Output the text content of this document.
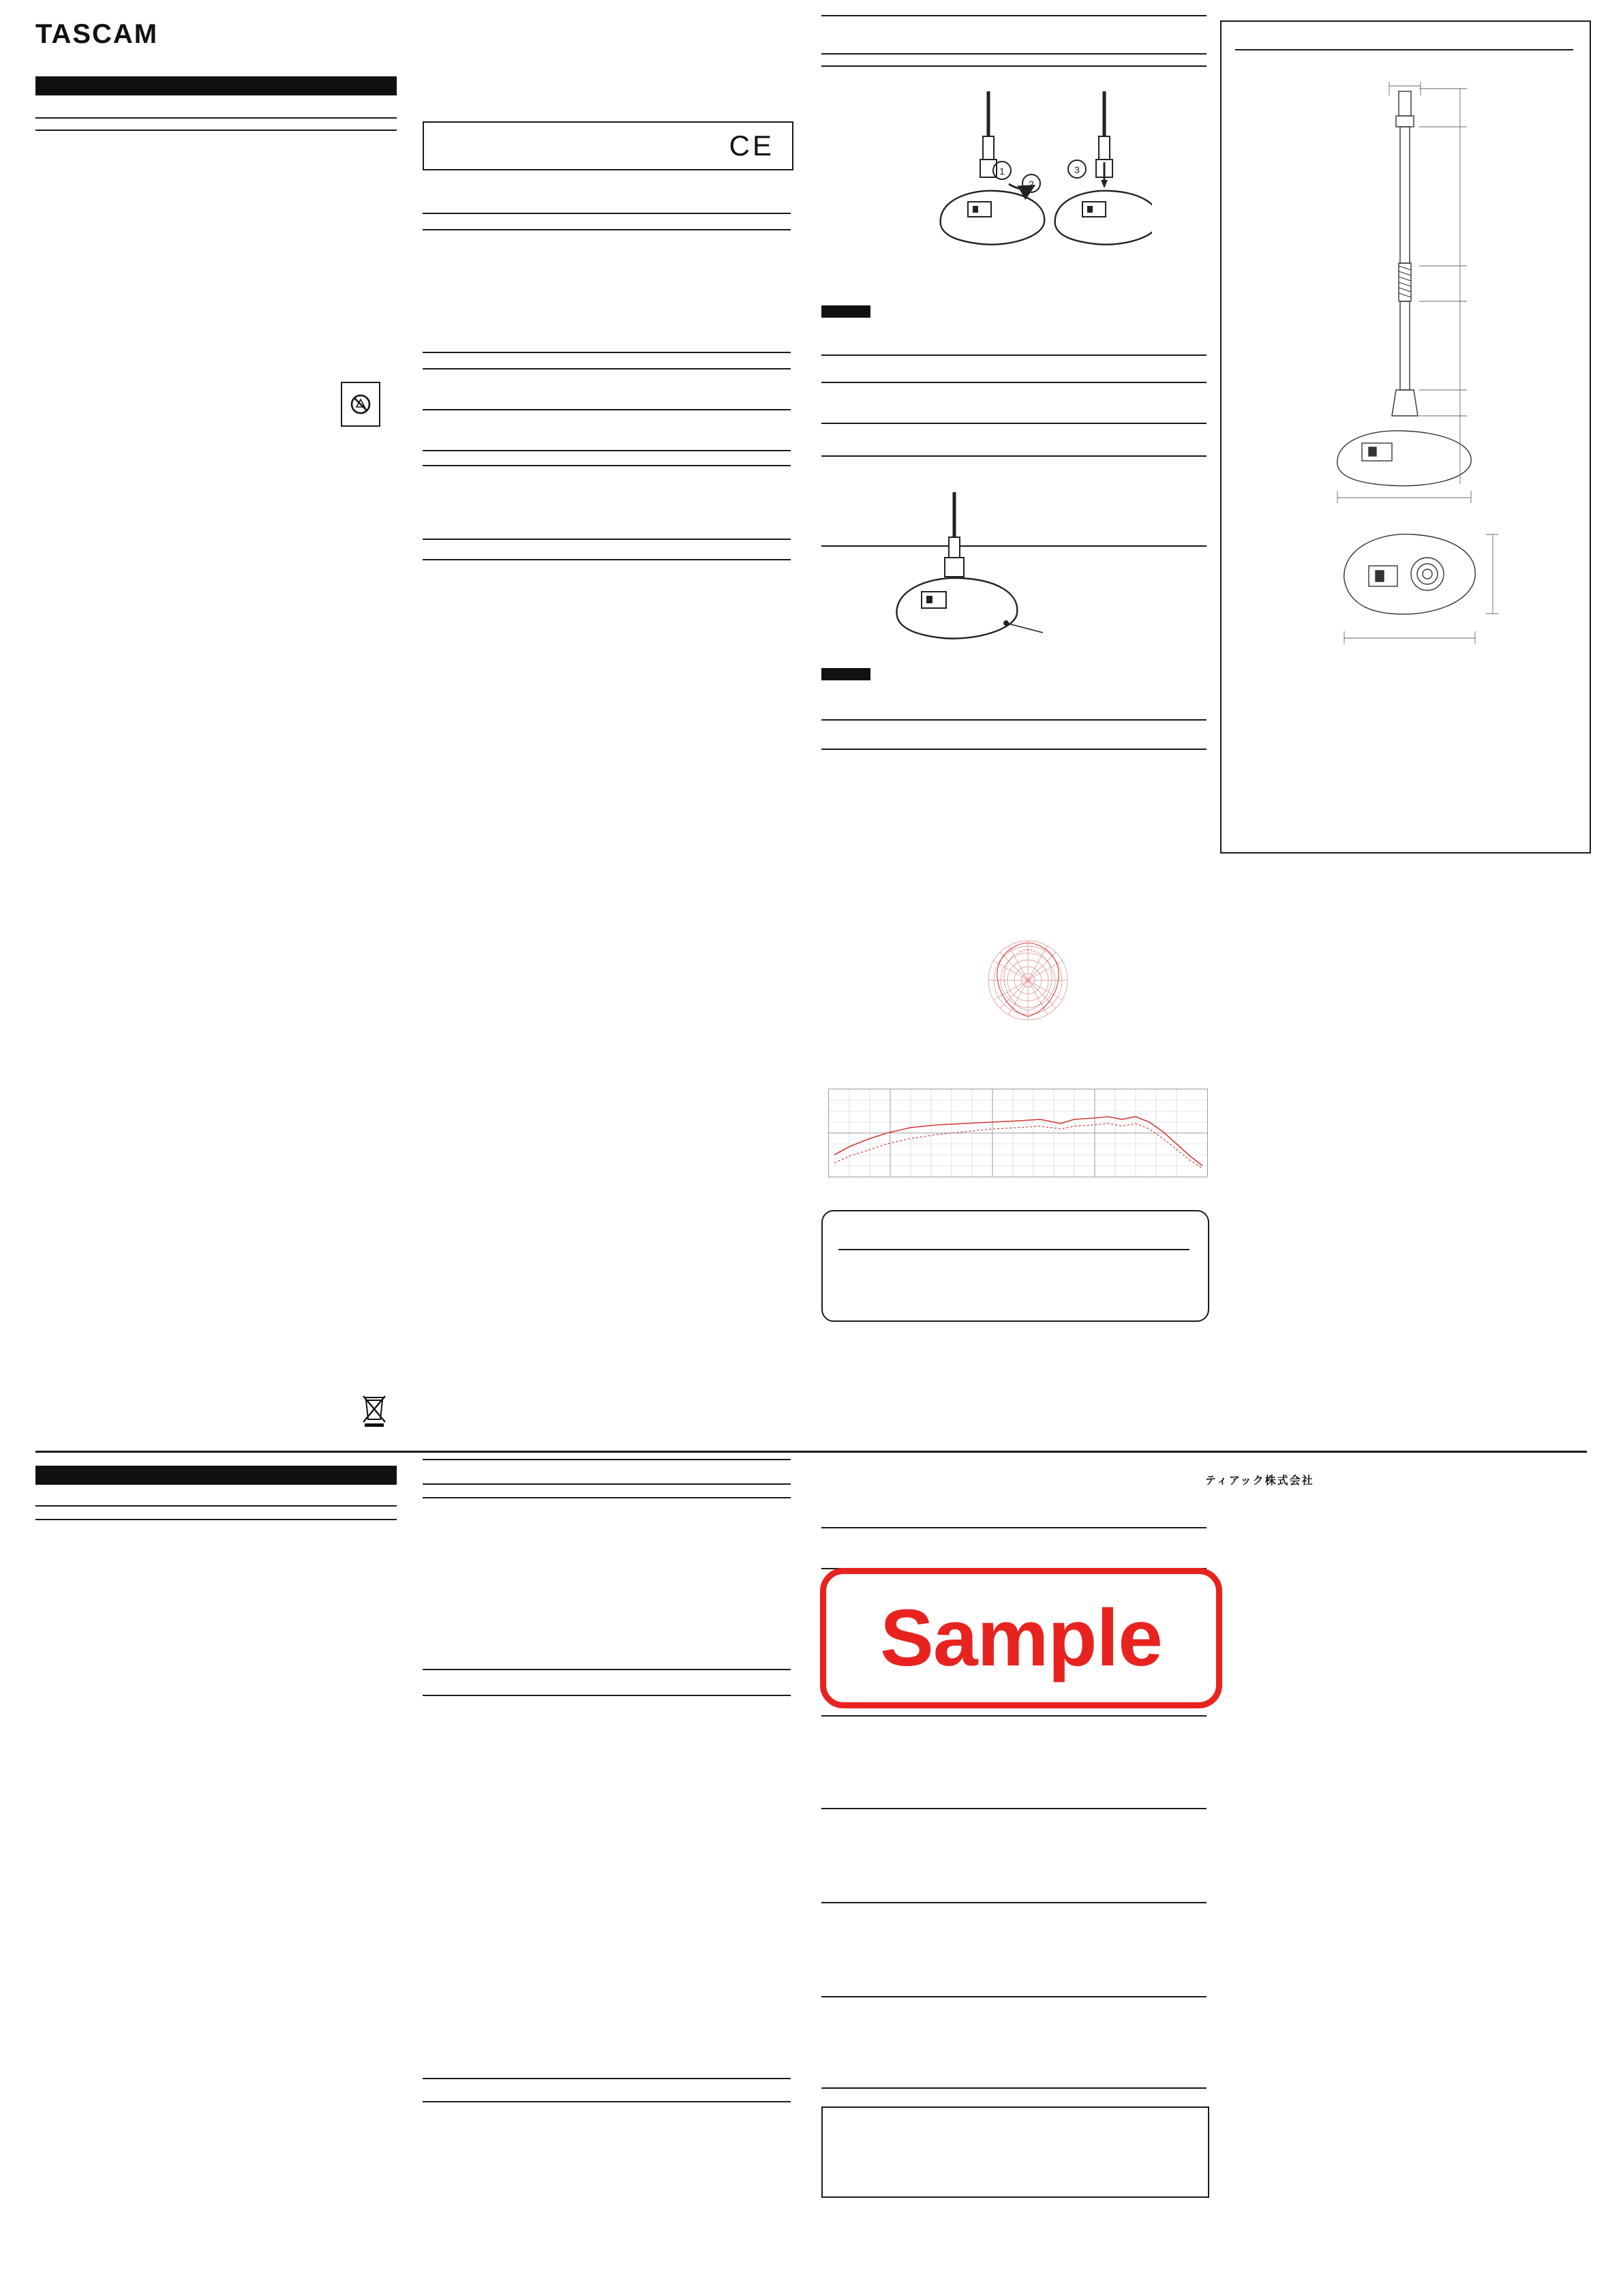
TASCAM
CE
1
2
3
ティアック株式会社
Sample
